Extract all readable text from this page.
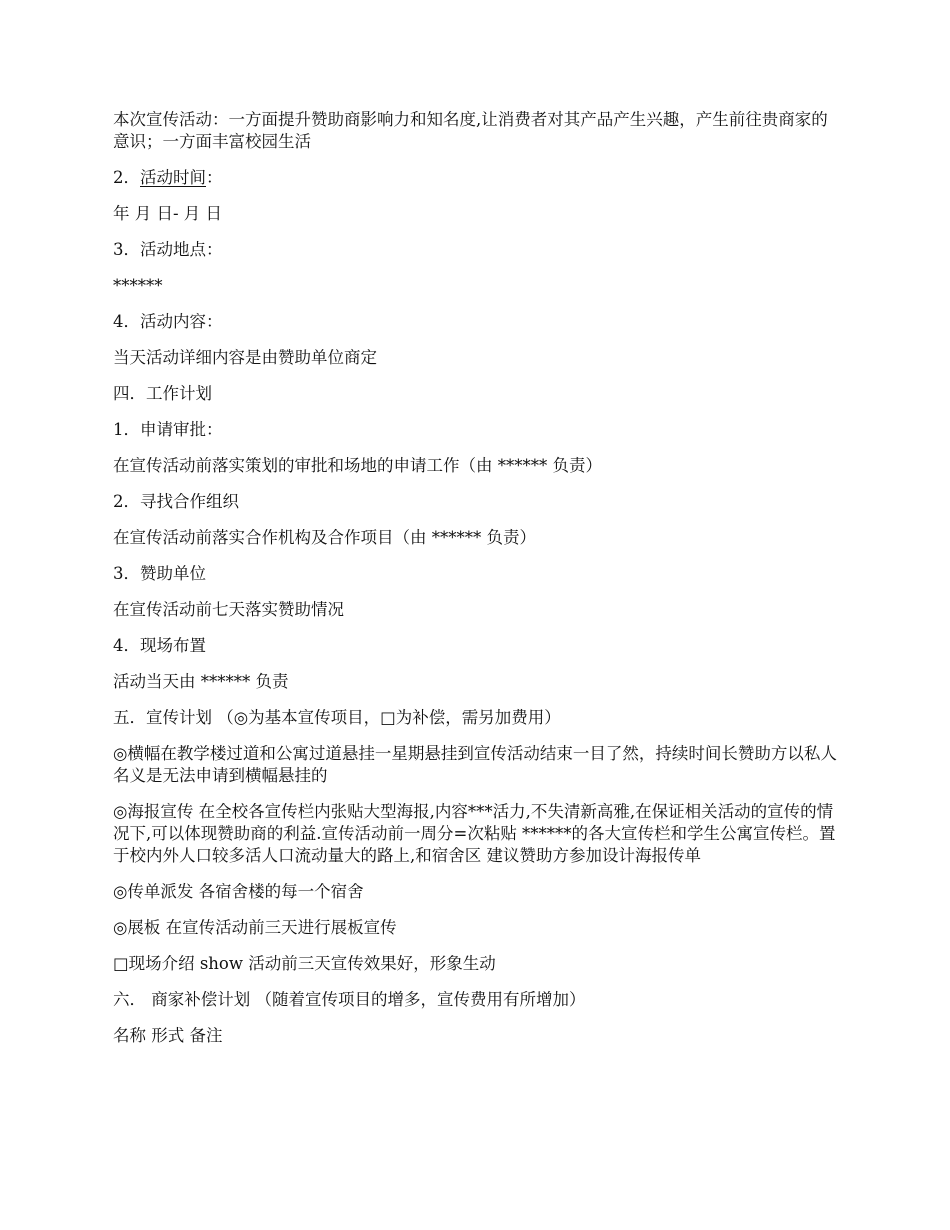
本次宣传活动：一方面提升赞助商影响力和知名度,让消费者对其产品产生兴趣，产生前往贵商家的意识；一方面丰富校园生活

2．活动时间：

年 月 日- 月 日

3．活动地点：

******

4．活动内容：

当天活动详细内容是由赞助单位商定

四．工作计划

1．申请审批：

在宣传活动前落实策划的审批和场地的申请工作（由 ****** 负责）

2．寻找合作组织

在宣传活动前落实合作机构及合作项目（由 ****** 负责）

3．赞助单位

在宣传活动前七天落实赞助情况

4．现场布置

活动当天由 ****** 负责

五．宣传计划 （◎为基本宣传项目，□为补偿，需另加费用）

◎横幅在教学楼过道和公寓过道悬挂一星期悬挂到宣传活动结束一目了然，持续时间长赞助方以私人名义是无法申请到横幅悬挂的

◎海报宣传 在全校各宣传栏内张贴大型海报,内容***活力,不失清新高雅,在保证相关活动的宣传的情况下,可以体现赞助商的利益.宣传活动前一周分=次粘贴 ******的各大宣传栏和学生公寓宣传栏。置于校内外人口较多活人口流动量大的路上,和宿舍区 建议赞助方参加设计海报传单

◎传单派发 各宿舍楼的每一个宿舍

◎展板 在宣传活动前三天进行展板宣传

□现场介绍 show 活动前三天宣传效果好，形象生动

六． 商家补偿计划 （随着宣传项目的增多，宣传费用有所增加）

名称 形式 备注
